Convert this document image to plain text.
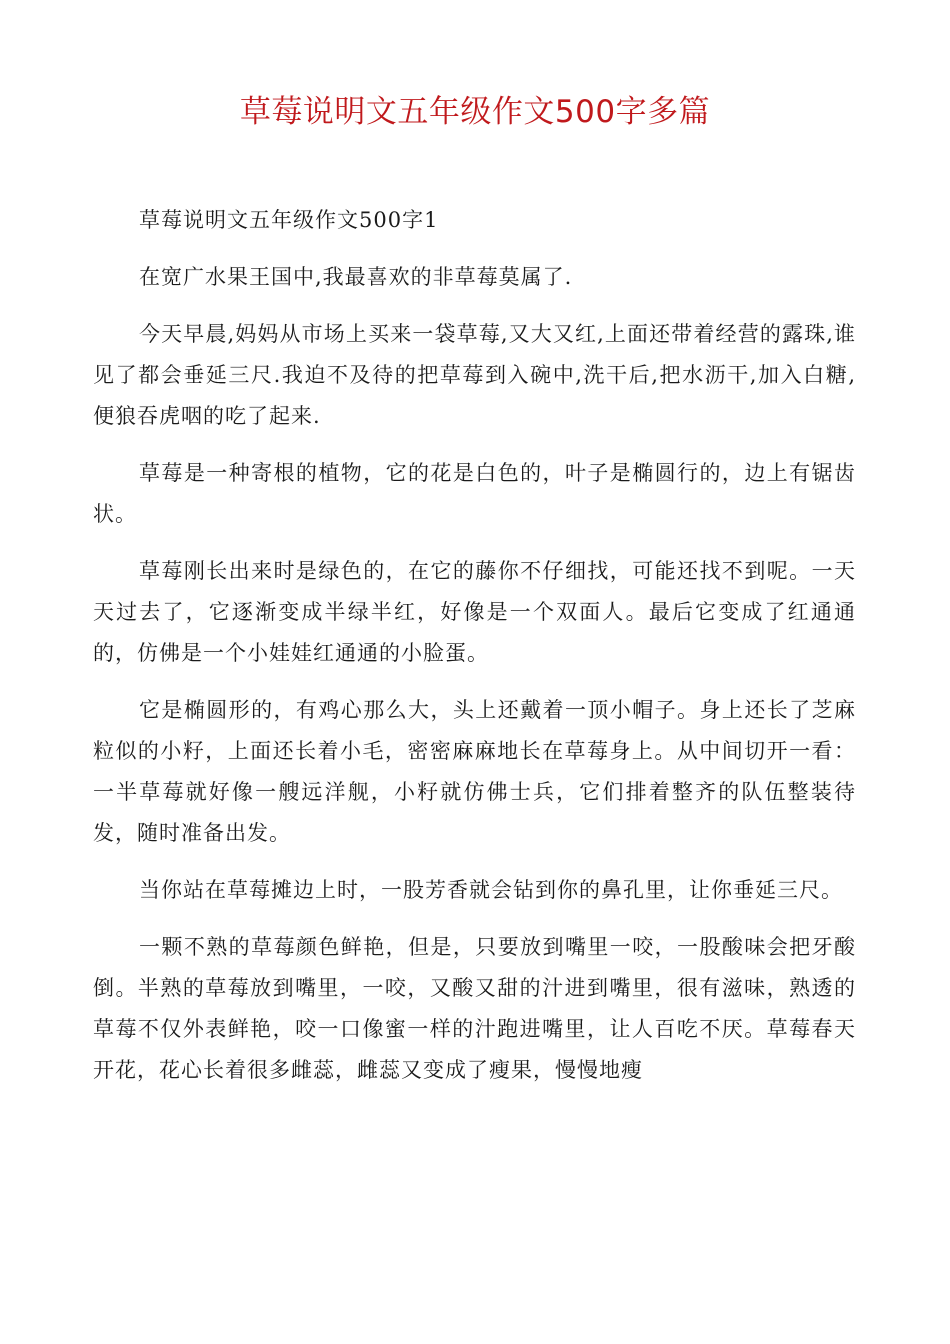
草莓说明文五年级作文500字多篇

草莓说明文五年级作文500字1

在宽广水果王国中,我最喜欢的非草莓莫属了.

今天早晨,妈妈从市场上买来一袋草莓,又大又红,上面还带着经营的露珠,谁见了都会垂延三尺.我迫不及待的把草莓到入碗中,洗干后,把水沥干,加入白糖,便狼吞虎咽的吃了起来.

草莓是一种寄根的植物，它的花是白色的，叶子是椭圆行的，边上有锯齿状。

草莓刚长出来时是绿色的，在它的藤你不仔细找，可能还找不到呢。一天天过去了，它逐渐变成半绿半红，好像是一个双面人。最后它变成了红通通的，仿佛是一个小娃娃红通通的小脸蛋。

它是椭圆形的，有鸡心那么大，头上还戴着一顶小帽子。身上还长了芝麻粒似的小籽，上面还长着小毛，密密麻麻地长在草莓身上。从中间切开一看：一半草莓就好像一艘远洋舰，小籽就仿佛士兵，它们排着整齐的队伍整装待发，随时准备出发。

当你站在草莓摊边上时，一股芳香就会钻到你的鼻孔里，让你垂延三尺。

一颗不熟的草莓颜色鲜艳，但是，只要放到嘴里一咬，一股酸味会把牙酸倒。半熟的草莓放到嘴里，一咬，又酸又甜的汁进到嘴里，很有滋味，熟透的草莓不仅外表鲜艳，咬一口像蜜一样的汁跑进嘴里，让人百吃不厌。草莓春天开花，花心长着很多雌蕊，雌蕊又变成了瘦果，慢慢地瘦
